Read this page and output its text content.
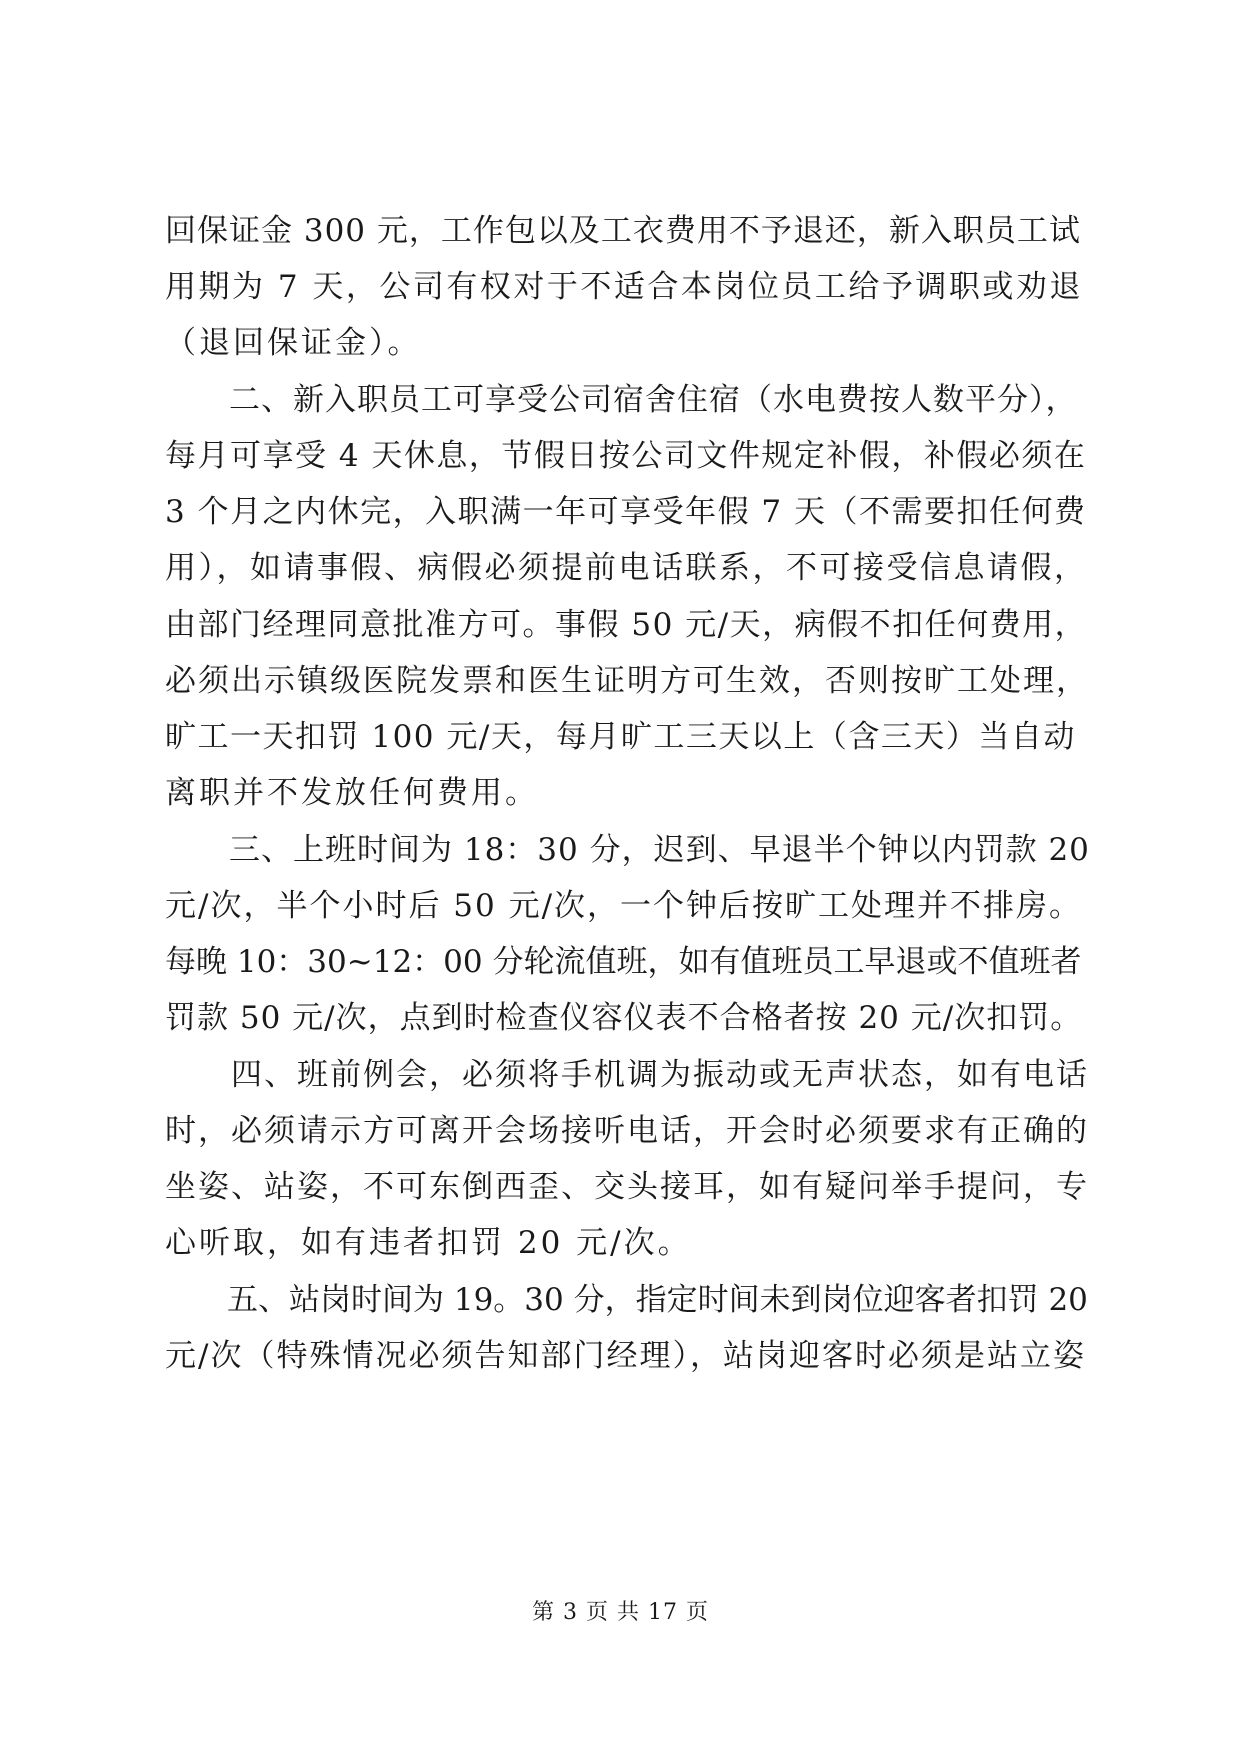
回保证金 300 元，工作包以及工衣费用不予退还，新入职员工试
用期为 7 天，公司有权对于不适合本岗位员工给予调职或劝退
（退回保证金）。
　　二、新入职员工可享受公司宿舍住宿（水电费按人数平分），
每月可享受 4 天休息，节假日按公司文件规定补假，补假必须在
3 个月之内休完，入职满一年可享受年假 7 天（不需要扣任何费
用），如请事假、病假必须提前电话联系，不可接受信息请假，
由部门经理同意批准方可。事假 50 元/天，病假不扣任何费用，
必须出示镇级医院发票和医生证明方可生效，否则按旷工处理，
旷工一天扣罚 100 元/天，每月旷工三天以上（含三天）当自动
离职并不发放任何费用。
　　三、上班时间为 18：30 分，迟到、早退半个钟以内罚款 20
元/次，半个小时后 50 元/次，一个钟后按旷工处理并不排房。
每晚 10：30~12：00 分轮流值班，如有值班员工早退或不值班者
罚款 50 元/次，点到时检查仪容仪表不合格者按 20 元/次扣罚。
　　四、班前例会，必须将手机调为振动或无声状态，如有电话
时，必须请示方可离开会场接听电话，开会时必须要求有正确的
坐姿、站姿，不可东倒西歪、交头接耳，如有疑问举手提问，专
心听取，如有违者扣罚 20 元/次。
　　五、站岗时间为 19。30 分，指定时间未到岗位迎客者扣罚 20
元/次（特殊情况必须告知部门经理），站岗迎客时必须是站立姿
第 3 页 共 17 页
